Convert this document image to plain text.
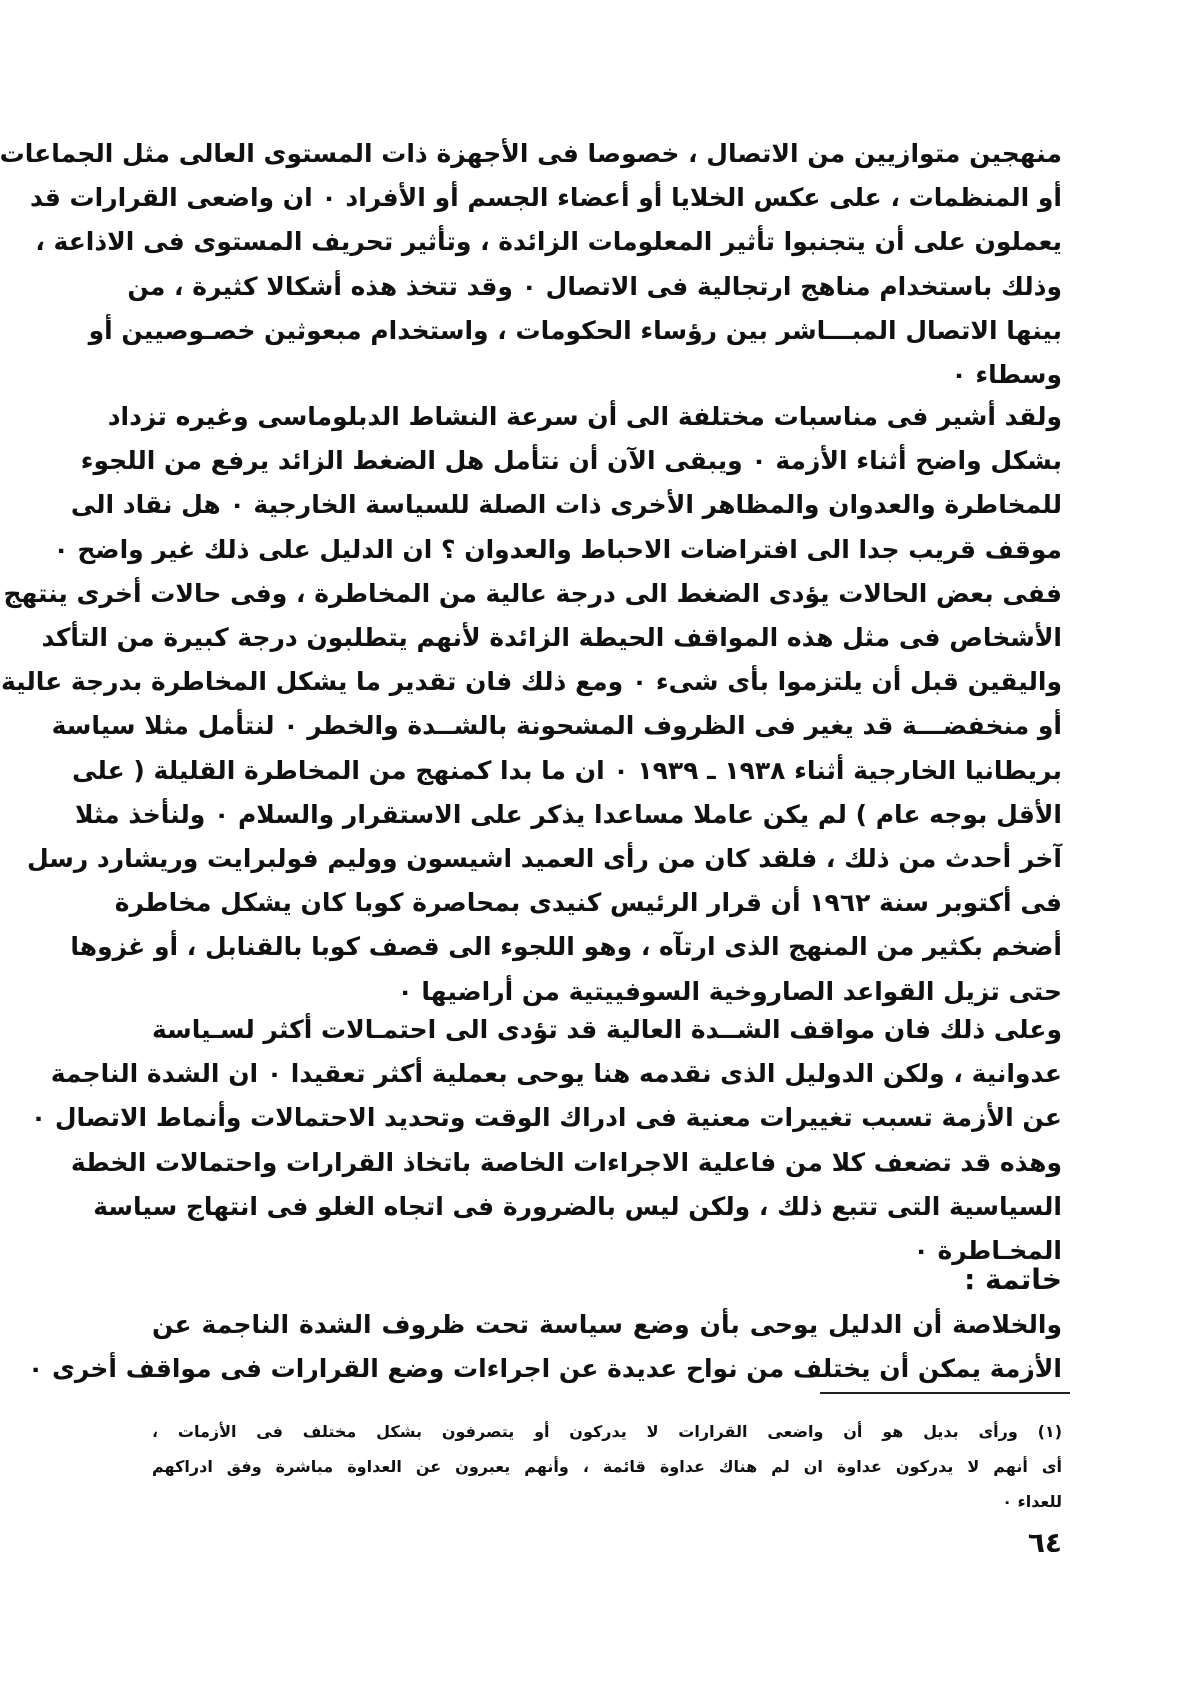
منهجين متوازيين من الاتصال ، خصوصا فى الأجهزة ذات المستوى العالى مثل الجماعات
أو المنظمات ، على عكس الخلايا أو أعضاء الجسم أو الأفراد ٠ ان واضعى القرارات قد
يعملون على أن يتجنبوا تأثير المعلومات الزائدة ، وتأثير تحريف المستوى فى الاذاعة ،
وذلك باستخدام مناهج ارتجالية فى الاتصال ٠ وقد تتخذ هذه أشكالا كثيرة ، من
بينها الاتصال المبـــاشر بين رؤساء الحكومات ، واستخدام مبعوثين خصـوصيين أو
وسطاء ٠
ولقد أشير فى مناسبات مختلفة الى أن سرعة النشاط الدبلوماسى وغيره تزداد
بشكل واضح أثناء الأزمة ٠ ويبقى الآن أن نتأمل هل الضغط الزائد يرفع من اللجوء
للمخاطرة والعدوان والمظاهر الأخرى ذات الصلة للسياسة الخارجية ٠ هل نقاد الى
موقف قريب جدا الى افتراضات الاحباط والعدوان ؟ ان الدليل على ذلك غير واضح ٠
ففى بعض الحالات يؤدى الضغط الى درجة عالية من المخاطرة ، وفى حالات أخرى ينتهج
الأشخاص فى مثل هذه المواقف الحيطة الزائدة لأنهم يتطلبون درجة كبيرة من التأكد
واليقين قبل أن يلتزموا بأى شىء ٠ ومع ذلك فان تقدير ما يشكل المخاطرة بدرجة عالية
أو منخفضـــة قد يغير فى الظروف المشحونة بالشــدة والخطر ٠ لنتأمل مثلا سياسة
بريطانيا الخارجية أثناء ١٩٣٨ ـ ١٩٣٩ ٠ ان ما بدا كمنهج من المخاطرة القليلة ( على
الأقل بوجه عام ) لم يكن عاملا مساعدا يذكر على الاستقرار والسلام ٠ ولنأخذ مثلا
آخر أحدث من ذلك ، فلقد كان من رأى العميد اشيسون ووليم فولبرايت وريشارد رسل
فى أكتوبر سنة ١٩٦٢ أن قرار الرئيس كنيدى بمحاصرة كوبا كان يشكل مخاطرة
أضخم بكثير من المنهج الذى ارتآه ، وهو اللجوء الى قصف كوبا بالقنابل ، أو غزوها
حتى تزيل القواعد الصاروخية السوفييتية من أراضيها ٠
وعلى ذلك فان مواقف الشــدة العالية قد تؤدى الى احتمـالات أكثر لسـياسة
عدوانية ، ولكن الدوليل الذى نقدمه هنا يوحى بعملية أكثر تعقيدا ٠ ان الشدة الناجمة
عن الأزمة تسبب تغييرات معنية فى ادراك الوقت وتحديد الاحتمالات وأنماط الاتصال ٠
وهذه قد تضعف كلا من فاعلية الاجراءات الخاصة باتخاذ القرارات واحتمالات الخطة
السياسية التى تتبع ذلك ، ولكن ليس بالضرورة فى اتجاه الغلو فى انتهاج سياسة
المخـاطرة ٠
خاتمة :
والخلاصة أن الدليل يوحى بأن وضع سياسة تحت ظروف الشدة الناجمة عن
الأزمة يمكن أن يختلف من نواح عديدة عن اجراءات وضع القرارات فى مواقف أخرى ٠
(١) ورأى بديل هو أن واضعى القرارات لا يدركون أو يتصرفون بشكل مختلف فى الأزمات ،
أى أنهم لا يدركون عداوة ان لم هناك عداوة قائمة ، وأنهم يعبرون عن العداوة مباشرة وفق ادراكهم
للعداء ٠
٦٤
